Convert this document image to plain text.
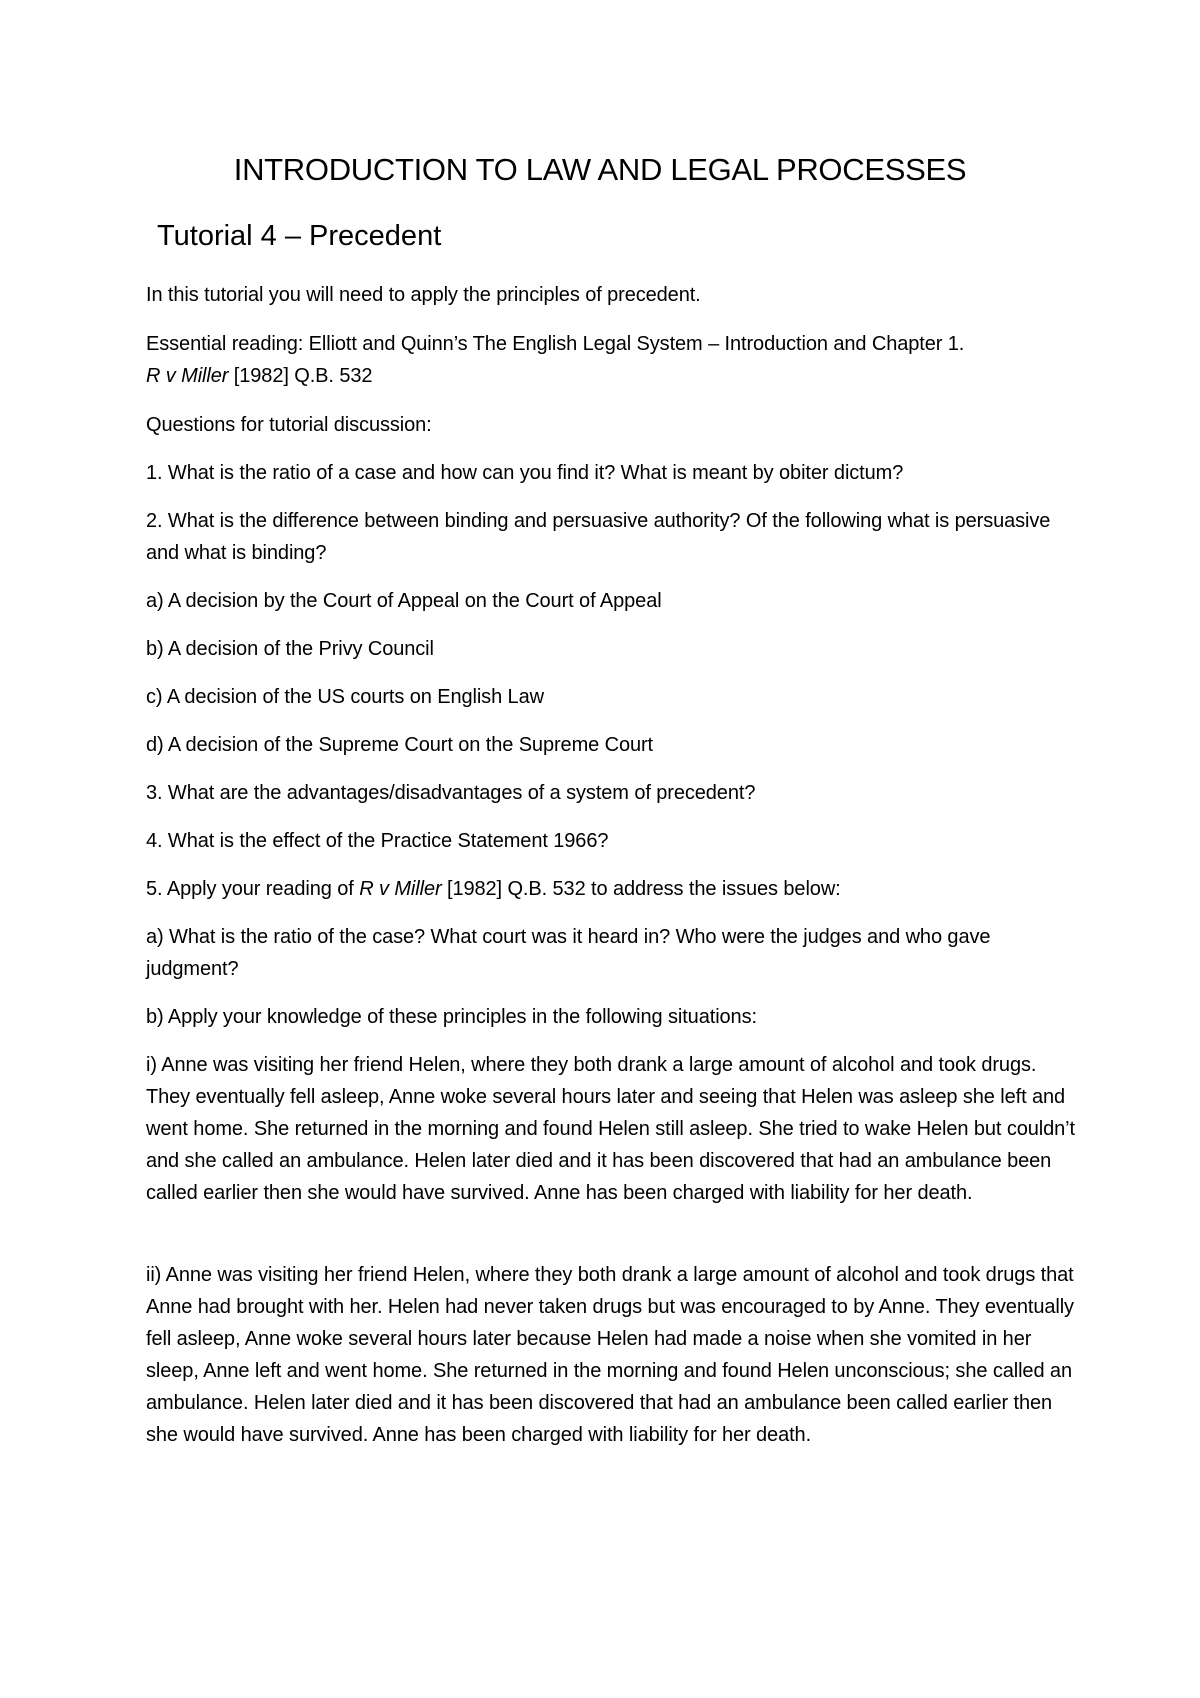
INTRODUCTION TO LAW AND LEGAL PROCESSES
Tutorial 4 – Precedent

In this tutorial you will need to apply the principles of precedent.

Essential reading: Elliott and Quinn’s The English Legal System – Introduction and Chapter 1.
R v Miller [1982] Q.B. 532

Questions for tutorial discussion:

1. What is the ratio of a case and how can you find it? What is meant by obiter dictum?

2. What is the difference between binding and persuasive authority? Of the following what is persuasive and what is binding?

a) A decision by the Court of Appeal on the Court of Appeal

b) A decision of the Privy Council

c) A decision of the US courts on English Law

d) A decision of the Supreme Court on the Supreme Court

3. What are the advantages/disadvantages of a system of precedent?

4. What is the effect of the Practice Statement 1966?

5. Apply your reading of R v Miller [1982] Q.B. 532 to address the issues below:

a) What is the ratio of the case? What court was it heard in? Who were the judges and who gave judgment?

b) Apply your knowledge of these principles in the following situations:

i) Anne was visiting her friend Helen, where they both drank a large amount of alcohol and took drugs. They eventually fell asleep, Anne woke several hours later and seeing that Helen was asleep she left and went home. She returned in the morning and found Helen still asleep. She tried to wake Helen but couldn’t and she called an ambulance. Helen later died and it has been discovered that had an ambulance been called earlier then she would have survived. Anne has been charged with liability for her death.

ii) Anne was visiting her friend Helen, where they both drank a large amount of alcohol and took drugs that Anne had brought with her. Helen had never taken drugs but was encouraged to by Anne. They eventually fell asleep, Anne woke several hours later because Helen had made a noise when she vomited in her sleep, Anne left and went home. She returned in the morning and found Helen unconscious; she called an ambulance. Helen later died and it has been discovered that had an ambulance been called earlier then she would have survived. Anne has been charged with liability for her death.
